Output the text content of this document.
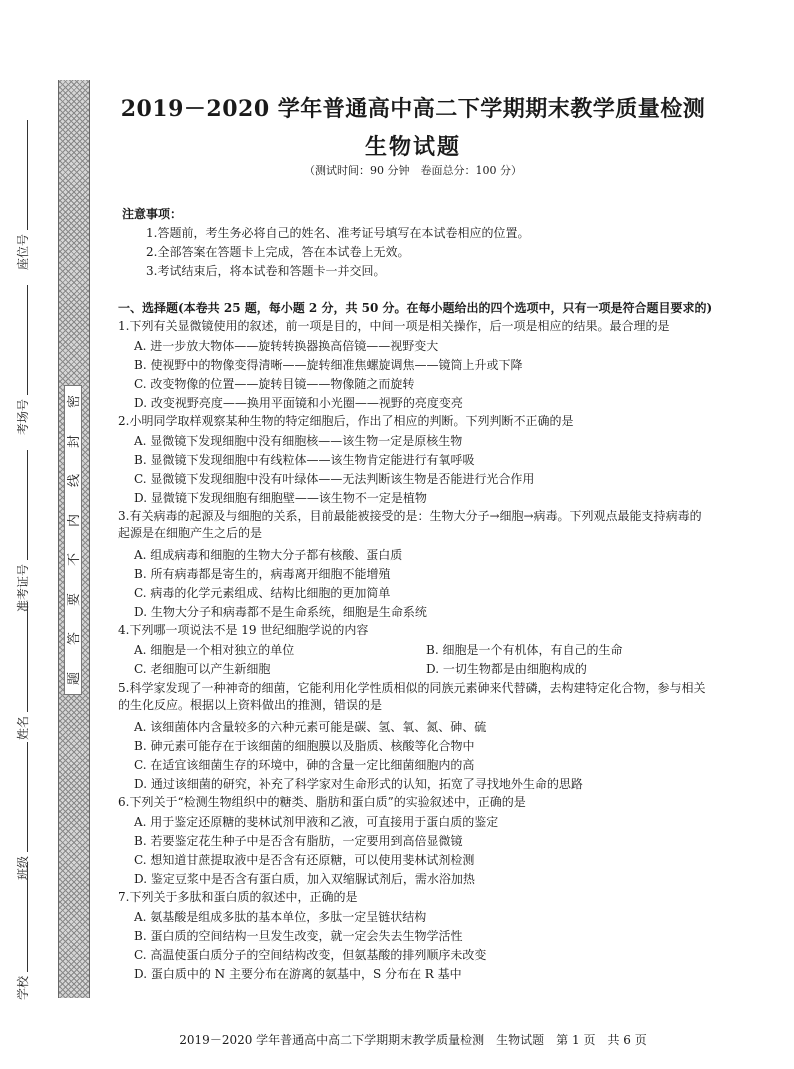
密
封
线
内
不
要
答
题
座位号
考场号
准考证号
姓名
班级
学校
2019－2020 学年普通高中高二下学期期末教学质量检测
生物试题
（测试时间：90 分钟　卷面总分：100 分）
注意事项：
1.答题前，考生务必将自己的姓名、准考证号填写在本试卷相应的位置。
2.全部答案在答题卡上完成，答在本试卷上无效。
3.考试结束后，将本试卷和答题卡一并交回。
一、选择题(本卷共 25 题，每小题 2 分，共 50 分。在每小题给出的四个选项中，只有一项是符合题目要求的)
1.下列有关显微镜使用的叙述，前一项是目的，中间一项是相关操作，后一项是相应的结果。最合理的是
A. 进一步放大物体——旋转转换器换高倍镜——视野变大
B. 使视野中的物像变得清晰——旋转细准焦螺旋调焦——镜筒上升或下降
C. 改变物像的位置——旋转目镜——物像随之而旋转
D. 改变视野亮度——换用平面镜和小光圈——视野的亮度变亮
2.小明同学取样观察某种生物的特定细胞后，作出了相应的判断。下列判断不正确的是
A. 显微镜下发现细胞中没有细胞核——该生物一定是原核生物
B. 显微镜下发现细胞中有线粒体——该生物肯定能进行有氧呼吸
C. 显微镜下发现细胞中没有叶绿体——无法判断该生物是否能进行光合作用
D. 显微镜下发现细胞有细胞壁——该生物不一定是植物
3.有关病毒的起源及与细胞的关系，目前最能被接受的是：生物大分子→细胞→病毒。下列观点最能支持病毒的起源是在细胞产生之后的是
A. 组成病毒和细胞的生物大分子都有核酸、蛋白质
B. 所有病毒都是寄生的，病毒离开细胞不能增殖
C. 病毒的化学元素组成、结构比细胞的更加简单
D. 生物大分子和病毒都不是生命系统，细胞是生命系统
4.下列哪一项说法不是 19 世纪细胞学说的内容
A. 细胞是一个相对独立的单位	B. 细胞是一个有机体，有自己的生命
C. 老细胞可以产生新细胞	D. 一切生物都是由细胞构成的
5.科学家发现了一种神奇的细菌，它能利用化学性质相似的同族元素砷来代替磷，去构建特定化合物，参与相关的生化反应。根据以上资料做出的推测，错误的是
A. 该细菌体内含量较多的六种元素可能是碳、氢、氧、氮、砷、硫
B. 砷元素可能存在于该细菌的细胞膜以及脂质、核酸等化合物中
C. 在适宜该细菌生存的环境中，砷的含量一定比细菌细胞内的高
D. 通过该细菌的研究，补充了科学家对生命形式的认知，拓宽了寻找地外生命的思路
6.下列关于“检测生物组织中的糖类、脂肪和蛋白质”的实验叙述中，正确的是
A. 用于鉴定还原糖的斐林试剂甲液和乙液，可直接用于蛋白质的鉴定
B. 若要鉴定花生种子中是否含有脂肪，一定要用到高倍显微镜
C. 想知道甘蔗提取液中是否含有还原糖，可以使用斐林试剂检测
D. 鉴定豆浆中是否含有蛋白质，加入双缩脲试剂后，需水浴加热
7.下列关于多肽和蛋白质的叙述中，正确的是
A. 氨基酸是组成多肽的基本单位，多肽一定呈链状结构
B. 蛋白质的空间结构一旦发生改变，就一定会失去生物学活性
C. 高温使蛋白质分子的空间结构改变，但氨基酸的排列顺序未改变
D. 蛋白质中的 N 主要分布在游离的氨基中，S 分布在 R 基中
2019－2020 学年普通高中高二下学期期末教学质量检测　生物试题　第 1 页　共 6 页
